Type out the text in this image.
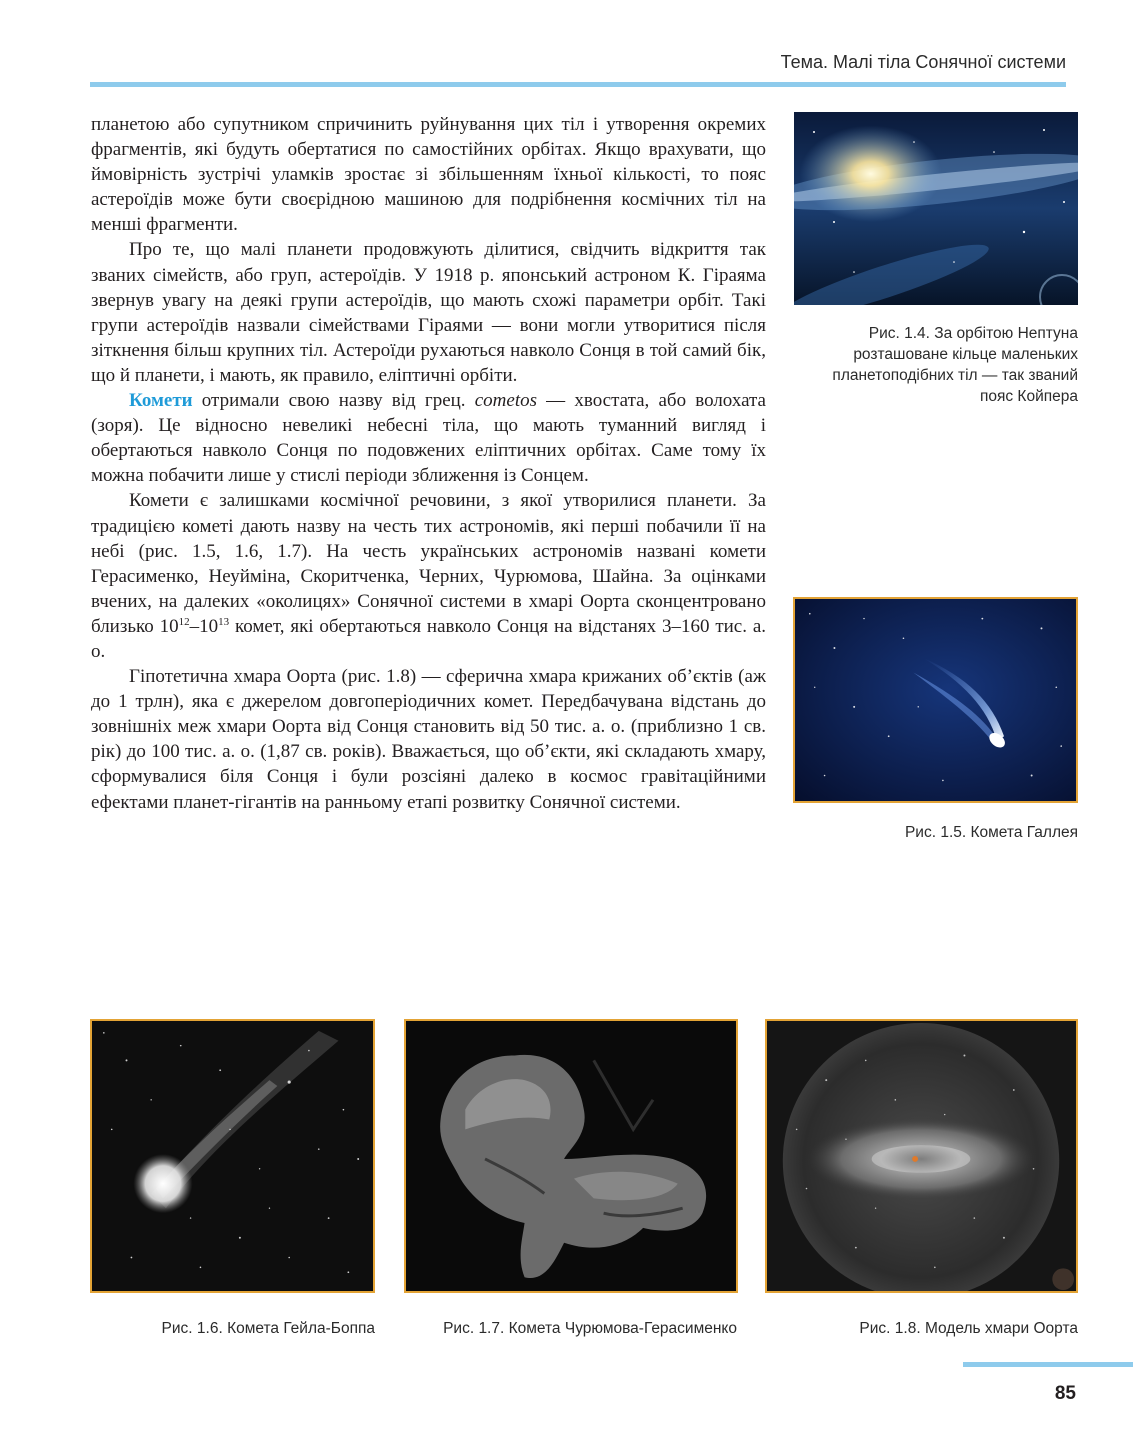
Тема. Малі тіла Сонячної системи

планетою або супутником спричинить руйнування цих тіл і утворення окремих фрагментів, які будуть обертатися по самостійних орбітах. Якщо врахувати, що ймовірність зустрічі уламків зростає зі збільшенням їхньої кількості, то пояс астероїдів може бути своєрідною машиною для подрібнення космічних тіл на менші фрагменти.

Про те, що малі планети продовжують ділитися, свідчить відкриття так званих сімейств, або груп, астероїдів. У 1918 р. японський астроном К. Гіраяма звернув увагу на деякі групи астероїдів, що мають схожі параметри орбіт. Такі групи астероїдів назвали сімействами Гіраями — вони могли утворитися після зіткнення більш крупних тіл. Астероїди рухаються навколо Сонця в той самий бік, що й планети, і мають, як правило, еліптичні орбіти.

Комети отримали свою назву від грец. cometos — хвостата, або волохата (зоря). Це відносно невеликі небесні тіла, що мають туманний вигляд і обертаються навколо Сонця по подовжених еліптичних орбітах. Саме тому їх можна побачити лише у стислі періоди зближення із Сонцем.

Комети є залишками космічної речовини, з якої утворилися планети. За традицією кометі дають назву на честь тих астрономів, які перші побачили її на небі (рис. 1.5, 1.6, 1.7). На честь українських астрономів названі комети Герасименко, Неуйміна, Скоритченка, Черних, Чурюмова, Шайна. За оцінками вчених, на далеких «околицях» Сонячної системи в хмарі Оорта сконцентровано близько $10^{12}-10^{13}$ комет, які обертаються навколо Сонця на відстанях 3–160 тис. а. о.

Гіпотетична хмара Оорта (рис. 1.8) — сферична хмара крижаних об’єктів (аж до 1 трлн), яка є джерелом довгоперіодичних комет. Передбачувана відстань до зовнішніх меж хмари Оорта від Сонця становить від 50 тис. а. о. (приблизно 1 св. рік) до 100 тис. а. о. (1,87 св. років). Вважається, що об’єкти, які складають хмару, сформувалися біля Сонця і були розсіяні далеко в космос гравітаційними ефектами планет-гігантів на ранньому етапі розвитку Сонячної системи.

Рис. 1.4. За орбітою Нептуна розташоване кільце маленьких планетоподібних тіл — так званий пояс Койпера
Рис. 1.5. Комета Галлея
Рис. 1.6. Комета Гейла-Боппа	Рис. 1.7. Комета Чурюмова-Герасименко	Рис. 1.8. Модель хмари Оорта
85
